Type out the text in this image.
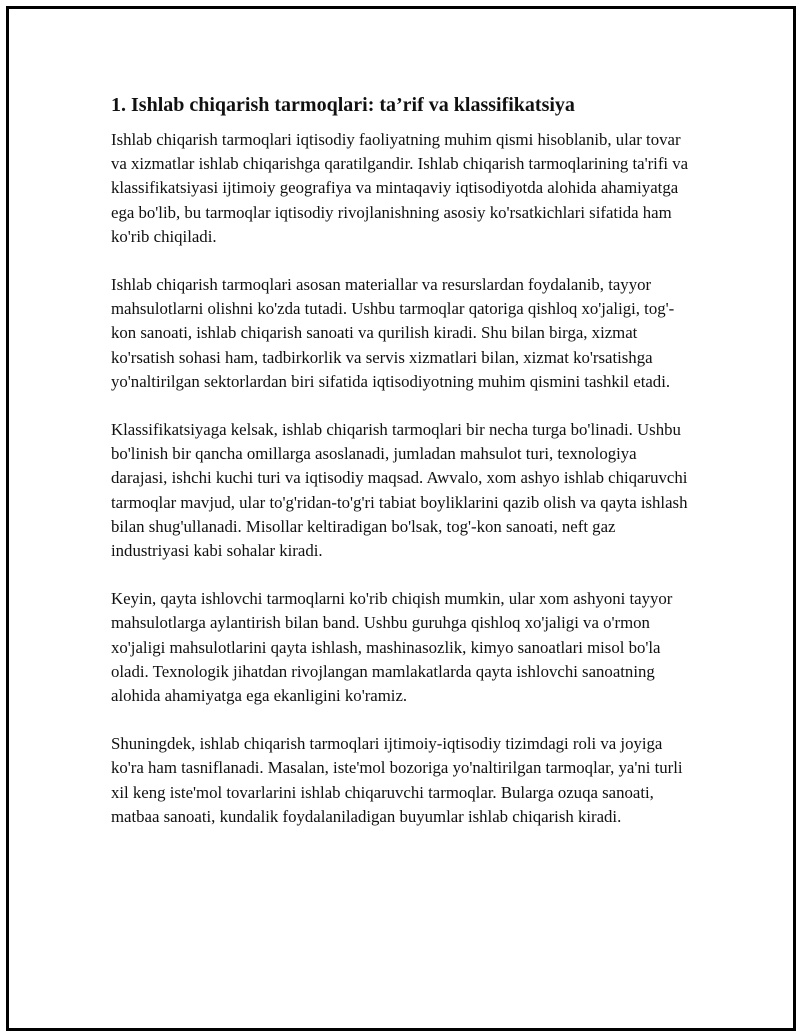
1. Ishlab chiqarish tarmoqlari: ta’rif va klassifikatsiya

Ishlab chiqarish tarmoqlari iqtisodiy faoliyatning muhim qismi hisoblanib, ular tovar va xizmatlar ishlab chiqarishga qaratilgandir. Ishlab chiqarish tarmoqlarining ta'rifi va klassifikatsiyasi ijtimoiy geografiya va mintaqaviy iqtisodiyotda alohida ahamiyatga ega bo'lib, bu tarmoqlar iqtisodiy rivojlanishning asosiy ko'rsatkichlari sifatida ham ko'rib chiqiladi.

Ishlab chiqarish tarmoqlari asosan materiallar va resurslardan foydalanib, tayyor mahsulotlarni olishni ko'zda tutadi. Ushbu tarmoqlar qatoriga qishloq xo'jaligi, tog'-kon sanoati, ishlab chiqarish sanoati va qurilish kiradi. Shu bilan birga, xizmat ko'rsatish sohasi ham, tadbirkorlik va servis xizmatlari bilan, xizmat ko'rsatishga yo'naltirilgan sektorlardan biri sifatida iqtisodiyotning muhim qismini tashkil etadi.

Klassifikatsiyaga kelsak, ishlab chiqarish tarmoqlari bir necha turga bo'linadi. Ushbu bo'linish bir qancha omillarga asoslanadi, jumladan mahsulot turi, texnologiya darajasi, ishchi kuchi turi va iqtisodiy maqsad. Awvalo, xom ashyo ishlab chiqaruvchi tarmoqlar mavjud, ular to'g'ridan-to'g'ri tabiat boyliklarini qazib olish va qayta ishlash bilan shug'ullanadi. Misollar keltiradigan bo'lsak, tog'-kon sanoati, neft gaz industriyasi kabi sohalar kiradi.

Keyin, qayta ishlovchi tarmoqlarni ko'rib chiqish mumkin, ular xom ashyoni tayyor mahsulotlarga aylantirish bilan band. Ushbu guruhga qishloq xo'jaligi va o'rmon xo'jaligi mahsulotlarini qayta ishlash, mashinasozlik, kimyo sanoatlari misol bo'la oladi. Texnologik jihatdan rivojlangan mamlakatlarda qayta ishlovchi sanoatning alohida ahamiyatga ega ekanligini ko'ramiz.

Shuningdek, ishlab chiqarish tarmoqlari ijtimoiy-iqtisodiy tizimdagi roli va joyiga ko'ra ham tasniflanadi. Masalan, iste'mol bozoriga yo'naltirilgan tarmoqlar, ya'ni turli xil keng iste'mol tovarlarini ishlab chiqaruvchi tarmoqlar. Bularga ozuqa sanoati, matbaa sanoati, kundalik foydalaniladigan buyumlar ishlab chiqarish kiradi.
